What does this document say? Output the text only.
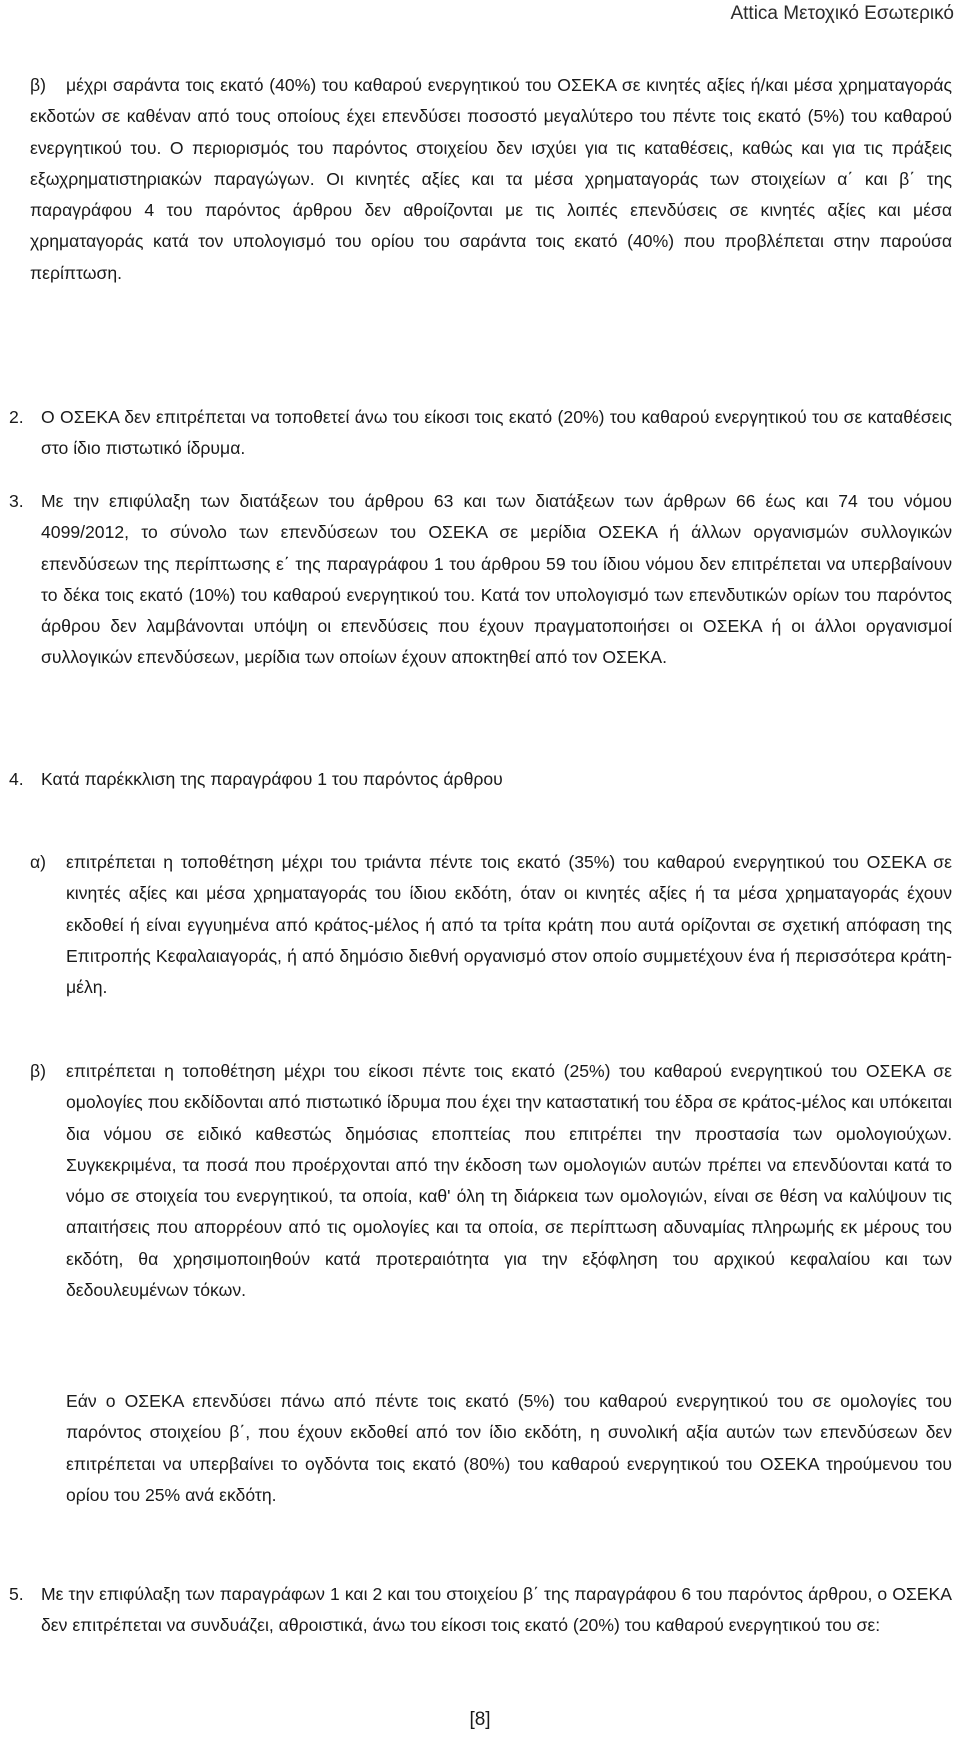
Attica Μετοχικό Εσωτερικό
β)	μέχρι σαράντα τοις εκατό (40%) του καθαρού ενεργητικού του ΟΣΕΚΑ σε κινητές αξίες ή/και μέσα χρηματαγοράς εκδοτών σε καθέναν από τους οποίους έχει επενδύσει ποσοστό μεγαλύτερο του πέντε τοις εκατό (5%) του καθαρού ενεργητικού του. Ο περιορισμός του παρόντος στοιχείου δεν ισχύει για τις καταθέσεις, καθώς και για τις πράξεις εξωχρηματιστηριακών παραγώγων. Οι κινητές αξίες και τα μέσα χρηματαγοράς των στοιχείων α΄ και β΄ της παραγράφου 4 του παρόντος άρθρου δεν αθροίζονται με τις λοιπές επενδύσεις σε κινητές αξίες και μέσα χρηματαγοράς κατά τον υπολογισμό του ορίου του σαράντα τοις εκατό (40%) που προβλέπεται στην παρούσα περίπτωση.
2. Ο ΟΣΕΚΑ δεν επιτρέπεται να τοποθετεί άνω του είκοσι τοις εκατό (20%) του καθαρού ενεργητικού του σε καταθέσεις στο ίδιο πιστωτικό ίδρυμα.
3. Με την επιφύλαξη των διατάξεων του άρθρου 63 και των διατάξεων των άρθρων 66 έως και 74 του νόμου 4099/2012, το σύνολο των επενδύσεων του ΟΣΕΚΑ σε μερίδια ΟΣΕΚΑ ή άλλων οργανισμών συλλογικών επενδύσεων της περίπτωσης ε΄ της παραγράφου 1 του άρθρου 59 του ίδιου νόμου δεν επιτρέπεται να υπερβαίνουν το δέκα τοις εκατό (10%) του καθαρού ενεργητικού του. Κατά τον υπολογισμό των επενδυτικών ορίων του παρόντος άρθρου δεν λαμβάνονται υπόψη οι επενδύσεις που έχουν πραγματοποιήσει οι ΟΣΕΚΑ ή οι άλλοι οργανισμοί συλλογικών επενδύσεων, μερίδια των οποίων έχουν αποκτηθεί από τον ΟΣΕΚΑ.
4. Κατά παρέκκλιση της παραγράφου 1 του παρόντος άρθρου
α)	επιτρέπεται η τοποθέτηση μέχρι του τριάντα πέντε τοις εκατό (35%) του καθαρού ενεργητικού του ΟΣΕΚΑ σε κινητές αξίες και μέσα χρηματαγοράς του ίδιου εκδότη, όταν οι κινητές αξίες ή τα μέσα χρηματαγοράς έχουν εκδοθεί ή είναι εγγυημένα από κράτος-μέλος ή από τα τρίτα κράτη που αυτά ορίζονται σε σχετική απόφαση της Επιτροπής Κεφαλαιαγοράς, ή από δημόσιο διεθνή οργανισμό στον οποίο συμμετέχουν ένα ή περισσότερα κράτη-μέλη.
β)	επιτρέπεται η τοποθέτηση μέχρι του είκοσι πέντε τοις εκατό (25%) του καθαρού ενεργητικού του ΟΣΕΚΑ σε ομολογίες που εκδίδονται από πιστωτικό ίδρυμα που έχει την καταστατική του έδρα σε κράτος-μέλος και υπόκειται δια νόμου σε ειδικό καθεστώς δημόσιας εποπτείας που επιτρέπει την προστασία των ομολογιούχων. Συγκεκριμένα, τα ποσά που προέρχονται από την έκδοση των ομολογιών αυτών πρέπει να επενδύονται κατά το νόμο σε στοιχεία του ενεργητικού, τα οποία, καθ' όλη τη διάρκεια των ομολογιών, είναι σε θέση να καλύψουν τις απαιτήσεις που απορρέουν από τις ομολογίες και τα οποία, σε περίπτωση αδυναμίας πληρωμής εκ μέρους του εκδότη, θα χρησιμοποιηθούν κατά προτεραιότητα για την εξόφληση του αρχικού κεφαλαίου και των δεδουλευμένων τόκων.
Εάν ο ΟΣΕΚΑ επενδύσει πάνω από πέντε τοις εκατό (5%) του καθαρού ενεργητικού του σε ομολογίες του παρόντος στοιχείου β΄, που έχουν εκδοθεί από τον ίδιο εκδότη, η συνολική αξία αυτών των επενδύσεων δεν επιτρέπεται να υπερβαίνει το ογδόντα τοις εκατό (80%) του καθαρού ενεργητικού του ΟΣΕΚΑ τηρούμενου του ορίου του 25% ανά εκδότη.
5. Με την επιφύλαξη των παραγράφων 1 και 2 και του στοιχείου β΄ της παραγράφου 6 του παρόντος άρθρου, ο ΟΣΕΚΑ δεν επιτρέπεται να συνδυάζει, αθροιστικά, άνω του είκοσι τοις εκατό (20%) του καθαρού ενεργητικού του σε:
[8]
